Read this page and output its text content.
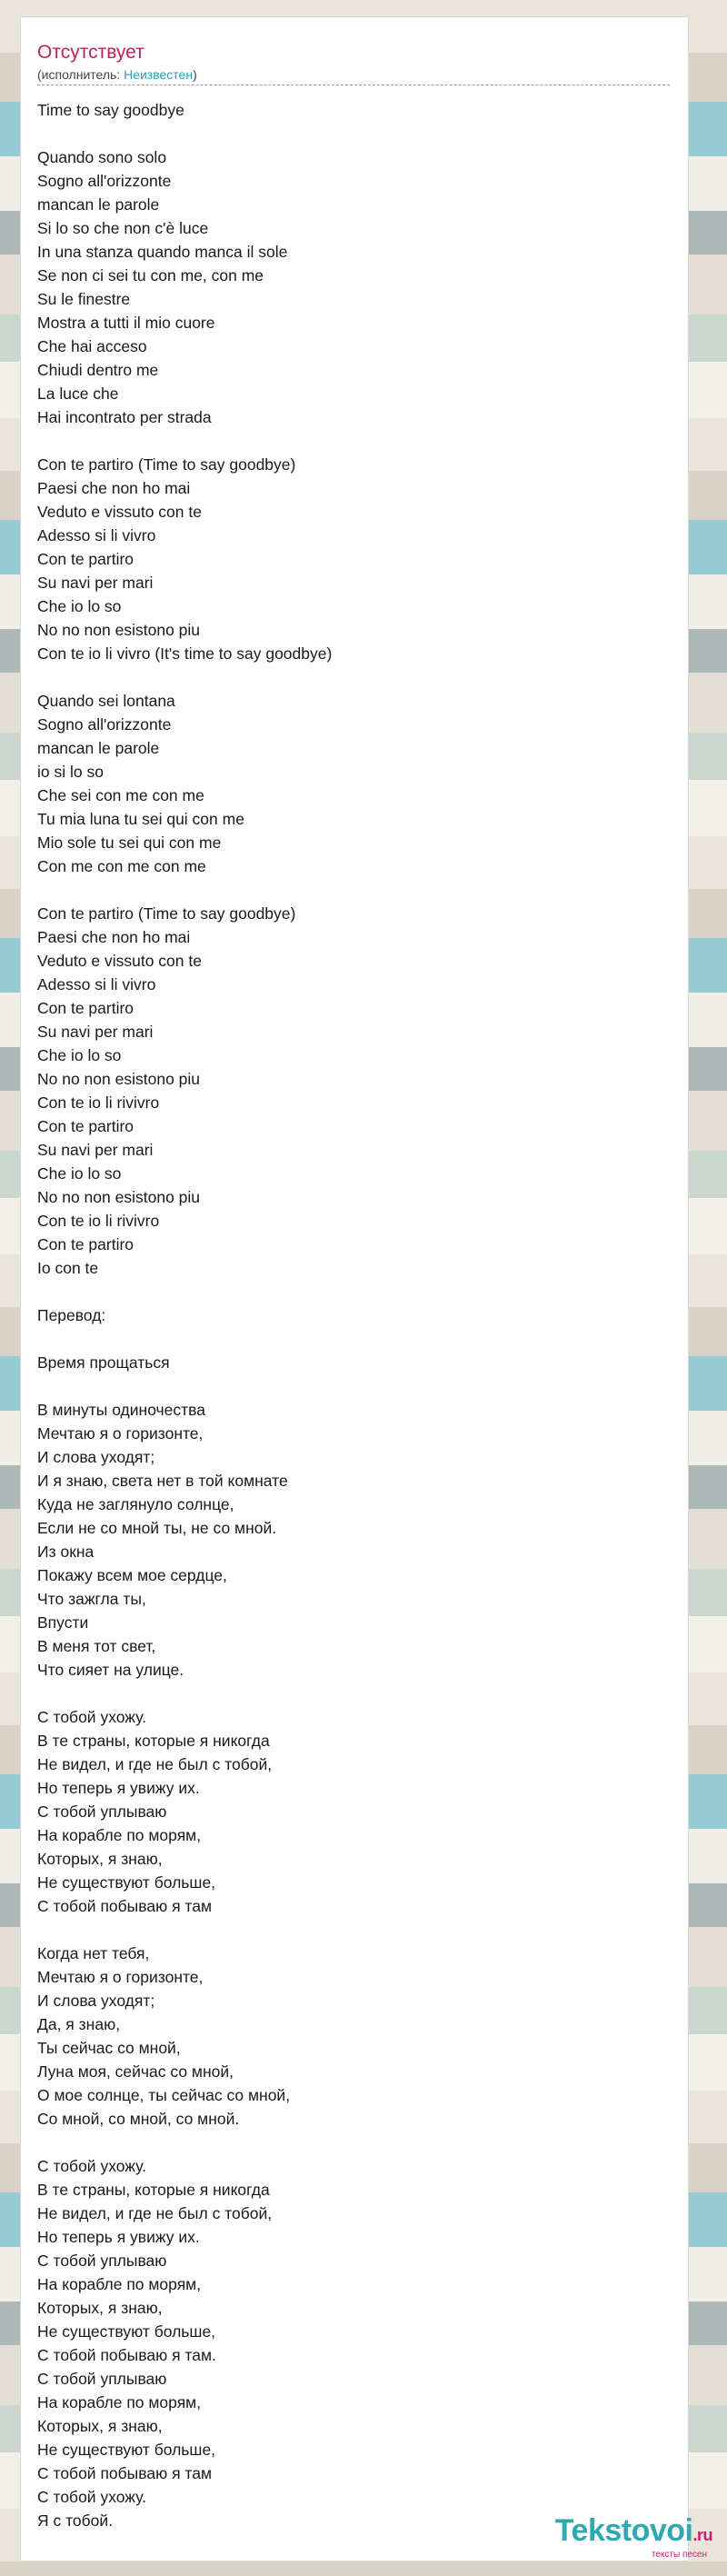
Отсутствует
(исполнитель: Неизвестен)
Time to say goodbye
Quando sono solo
Sogno all'orizzonte
mancan le parole
Si lo so che non c'è luce
In una stanza quando manca il sole
Se non ci sei tu con me, con me
Su le finestre
Mostra a tutti il mio cuore
Che hai acceso
Chiudi dentro me
La luce che
Hai incontrato per strada
Con te partiro (Time to say goodbye)
Paesi che non ho mai
Veduto e vissuto con te
Adesso si li vivro
Con te partiro
Su navi per mari
Che io lo so
No no non esistono piu
Con te io li vivro (It's time to say goodbye)
Quando sei lontana
Sogno all'orizzonte
mancan le parole
io si lo so
Che sei con me con me
Tu mia luna tu sei qui con me
Mio sole tu sei qui con me
Con me con me con me
Con te partiro (Time to say goodbye)
Paesi che non ho mai
Veduto e vissuto con te
Adesso si li vivro
Con te partiro
Su navi per mari
Che io lo so
No no non esistono piu
Con te io li rivivro
Con te partiro
Su navi per mari
Che io lo so
No no non esistono piu
Con te io li rivivro
Con te partiro
Io con te
Перевод:
Время прощаться
В минуты одиночества
Мечтаю я о горизонте,
И слова уходят;
И я знаю, света нет в той комнате
Куда не заглянуло солнце,
Если не со мной ты, не со мной.
Из окна
Покажу всем мое сердце,
Что зажгла ты,
Впусти
В меня тот свет,
Что сияет на улице.
С тобой ухожу.
В те страны, которые я никогда
Не видел, и где не был с тобой,
Но теперь я увижу их.
С тобой уплываю
На корабле по морям,
Которых, я знаю,
Не существуют больше,
С тобой побываю я там
Когда нет тебя,
Мечтаю я о горизонте,
И слова уходят;
Да, я знаю,
Ты сейчас со мной,
Луна моя, сейчас со мной,
О мое солнце, ты сейчас со мной,
Со мной, со мной, со мной.
С тобой ухожу.
В те страны, которые я никогда
Не видел, и где не был с тобой,
Но теперь я увижу их.
С тобой уплываю
На корабле по морям,
Которых, я знаю,
Не существуют больше,
С тобой побываю я там.
С тобой уплываю
На корабле по морям,
Которых, я знаю,
Не существуют больше,
С тобой побываю я там
С тобой ухожу.
Я с тобой.	Tekstovoi.ru
тексты песен
